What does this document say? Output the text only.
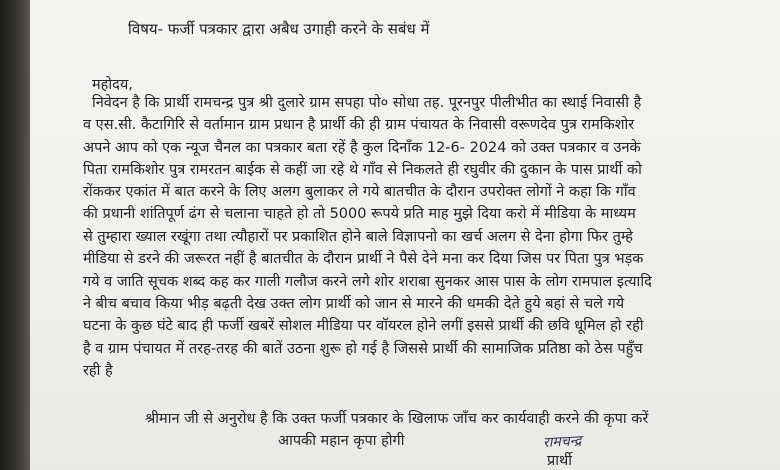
विषय- फर्जी पत्रकार द्वारा अबैध उगाही करने के सबंध में
महोदय,
निवेदन है कि प्रार्थी रामचन्द्र पुत्र श्री दुलारे ग्राम सपहा पो० सोधा तह. पूरनपुर पीलीभीत का स्थाई निवासी है
व एस.सी. कैटागिरि से वर्तामान ग्राम प्रधान है प्रार्थी की ही ग्राम पंचायत के निवासी वरूणदेव पुत्र रामकिशोर
अपने आप को एक न्यूज चैनल का पत्रकार बता रहें है कुल दिनाँक 12-6- 2024 को उक्त पत्रकार व उनके
पिता रामकिशोर पुत्र रामरतन बाईक से कहीं जा रहे थे गाँव से निकलते ही रघुवीर की दुकान के पास प्रार्थी को
रोंककर एकांत में बात करने के लिए अलग बुलाकर ले गये बातचीत के दौरान उपरोक्त लोगों ने कहा कि गाँव
की प्रधानी शांतिपूर्ण ढंग से चलाना चाहते हो तो 5000 रूपये प्रति माह मुझे दिया करो में मीडिया के माध्यम
से तुम्हारा ख्याल रखूंगा तथा त्यौहारों पर प्रकाशित होने बाले विज्ञापनो का खर्च अलग से देना होगा फिर तुम्हे
मीडिया से डरने की जरूरत नहीं है बातचीत के दौरान प्रार्थी ने पैसे देने मना कर दिया जिस पर पिता पुत्र भड़क
गये व जाति सूचक शब्द कह कर गाली गलौज करने लगे शोर शराबा सुनकर आस पास के लोग रामपाल इत्यादि
ने बीच बचाव किया भीड़ बढ़ती देख उक्त लोग प्रार्थी को जान से मारने की धमकी देते हुये बहां से चले गये
घटना के कुछ घंटे बाद ही फर्जी खबरें सोशल मीडिया पर वॉयरल होने लगीं इससे प्रार्थी की छवि धूमिल हो रही
है व ग्राम पंचायत में तरह-तरह की बातें उठना शुरू हो गई है जिससे प्रार्थी की सामाजिक प्रतिष्ठा को ठेस पहुँच
रही है
श्रीमान जी से अनुरोध है कि उक्त फर्जी पत्रकार के खिलाफ जाँच कर कार्यवाही करने की कृपा करें
आपकी महान कृपा होगी	रामचन्द्र
प्रार्थी
